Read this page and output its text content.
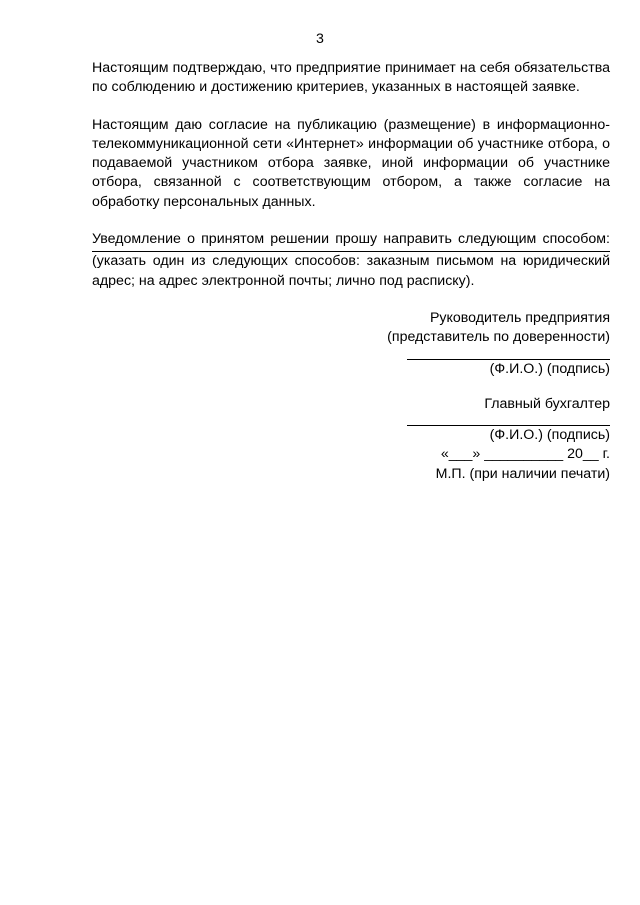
3

Настоящим подтверждаю, что предприятие принимает на себя обязательства по соблюдению и достижению критериев, указанных в настоящей заявке.

Настоящим даю согласие на публикацию (размещение) в информационно-телекоммуникационной сети «Интернет» информации об участнике отбора, о подаваемой участником отбора заявке, иной информации об участнике отбора, связанной с соответствующим отбором, а также согласие на обработку персональных данных.

Уведомление о принятом решении прошу направить следующим способом:

(указать один из следующих способов: заказным письмом на юридический адрес; на адрес электронной почты; лично под расписку).

Руководитель предприятия

(представитель по доверенности)

(Ф.И.О.) (подпись)

Главный бухгалтер

(Ф.И.О.) (подпись)

«___» __________ 20__ г.

М.П. (при наличии печати)
